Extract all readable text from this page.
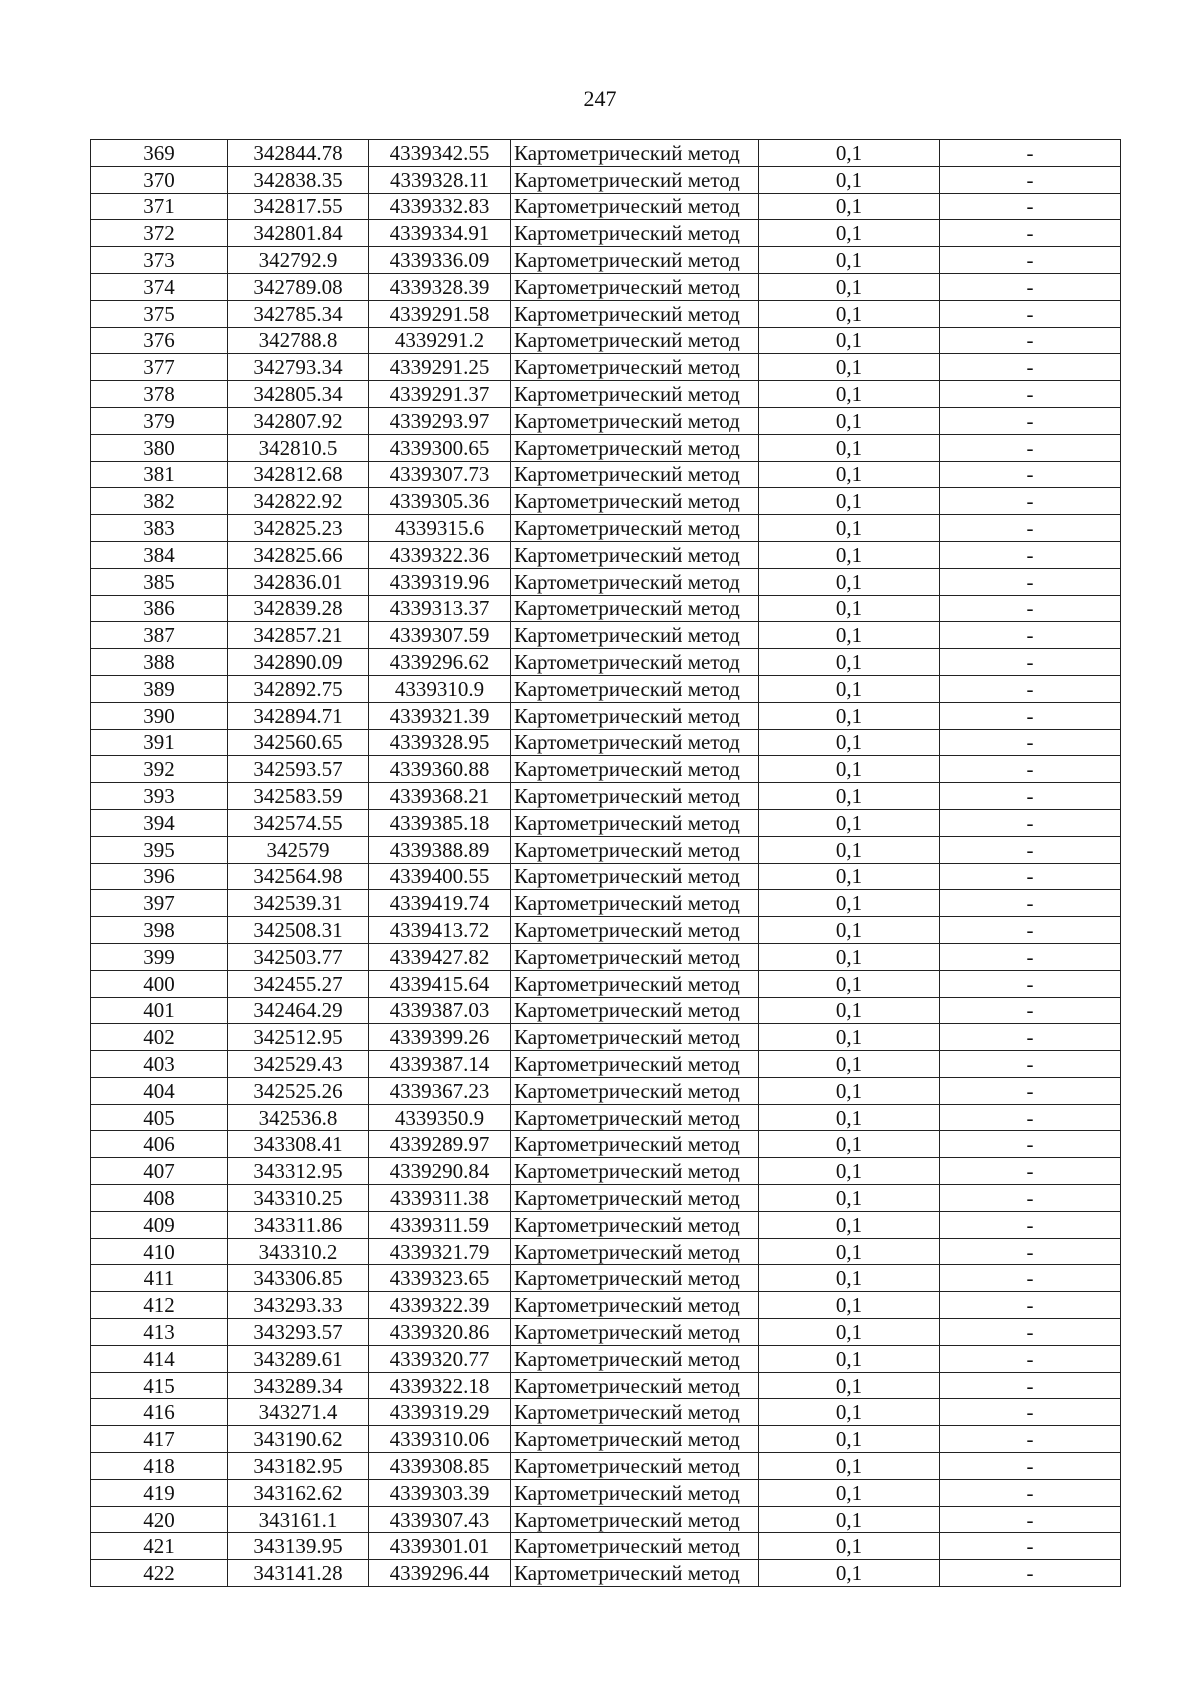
247
369	342844.78	4339342.55	Картометрический метод	0,1	-
370	342838.35	4339328.11	Картометрический метод	0,1	-
371	342817.55	4339332.83	Картометрический метод	0,1	-
372	342801.84	4339334.91	Картометрический метод	0,1	-
373	342792.9	4339336.09	Картометрический метод	0,1	-
374	342789.08	4339328.39	Картометрический метод	0,1	-
375	342785.34	4339291.58	Картометрический метод	0,1	-
376	342788.8	4339291.2	Картометрический метод	0,1	-
377	342793.34	4339291.25	Картометрический метод	0,1	-
378	342805.34	4339291.37	Картометрический метод	0,1	-
379	342807.92	4339293.97	Картометрический метод	0,1	-
380	342810.5	4339300.65	Картометрический метод	0,1	-
381	342812.68	4339307.73	Картометрический метод	0,1	-
382	342822.92	4339305.36	Картометрический метод	0,1	-
383	342825.23	4339315.6	Картометрический метод	0,1	-
384	342825.66	4339322.36	Картометрический метод	0,1	-
385	342836.01	4339319.96	Картометрический метод	0,1	-
386	342839.28	4339313.37	Картометрический метод	0,1	-
387	342857.21	4339307.59	Картометрический метод	0,1	-
388	342890.09	4339296.62	Картометрический метод	0,1	-
389	342892.75	4339310.9	Картометрический метод	0,1	-
390	342894.71	4339321.39	Картометрический метод	0,1	-
391	342560.65	4339328.95	Картометрический метод	0,1	-
392	342593.57	4339360.88	Картометрический метод	0,1	-
393	342583.59	4339368.21	Картометрический метод	0,1	-
394	342574.55	4339385.18	Картометрический метод	0,1	-
395	342579	4339388.89	Картометрический метод	0,1	-
396	342564.98	4339400.55	Картометрический метод	0,1	-
397	342539.31	4339419.74	Картометрический метод	0,1	-
398	342508.31	4339413.72	Картометрический метод	0,1	-
399	342503.77	4339427.82	Картометрический метод	0,1	-
400	342455.27	4339415.64	Картометрический метод	0,1	-
401	342464.29	4339387.03	Картометрический метод	0,1	-
402	342512.95	4339399.26	Картометрический метод	0,1	-
403	342529.43	4339387.14	Картометрический метод	0,1	-
404	342525.26	4339367.23	Картометрический метод	0,1	-
405	342536.8	4339350.9	Картометрический метод	0,1	-
406	343308.41	4339289.97	Картометрический метод	0,1	-
407	343312.95	4339290.84	Картометрический метод	0,1	-
408	343310.25	4339311.38	Картометрический метод	0,1	-
409	343311.86	4339311.59	Картометрический метод	0,1	-
410	343310.2	4339321.79	Картометрический метод	0,1	-
411	343306.85	4339323.65	Картометрический метод	0,1	-
412	343293.33	4339322.39	Картометрический метод	0,1	-
413	343293.57	4339320.86	Картометрический метод	0,1	-
414	343289.61	4339320.77	Картометрический метод	0,1	-
415	343289.34	4339322.18	Картометрический метод	0,1	-
416	343271.4	4339319.29	Картометрический метод	0,1	-
417	343190.62	4339310.06	Картометрический метод	0,1	-
418	343182.95	4339308.85	Картометрический метод	0,1	-
419	343162.62	4339303.39	Картометрический метод	0,1	-
420	343161.1	4339307.43	Картометрический метод	0,1	-
421	343139.95	4339301.01	Картометрический метод	0,1	-
422	343141.28	4339296.44	Картометрический метод	0,1	-
